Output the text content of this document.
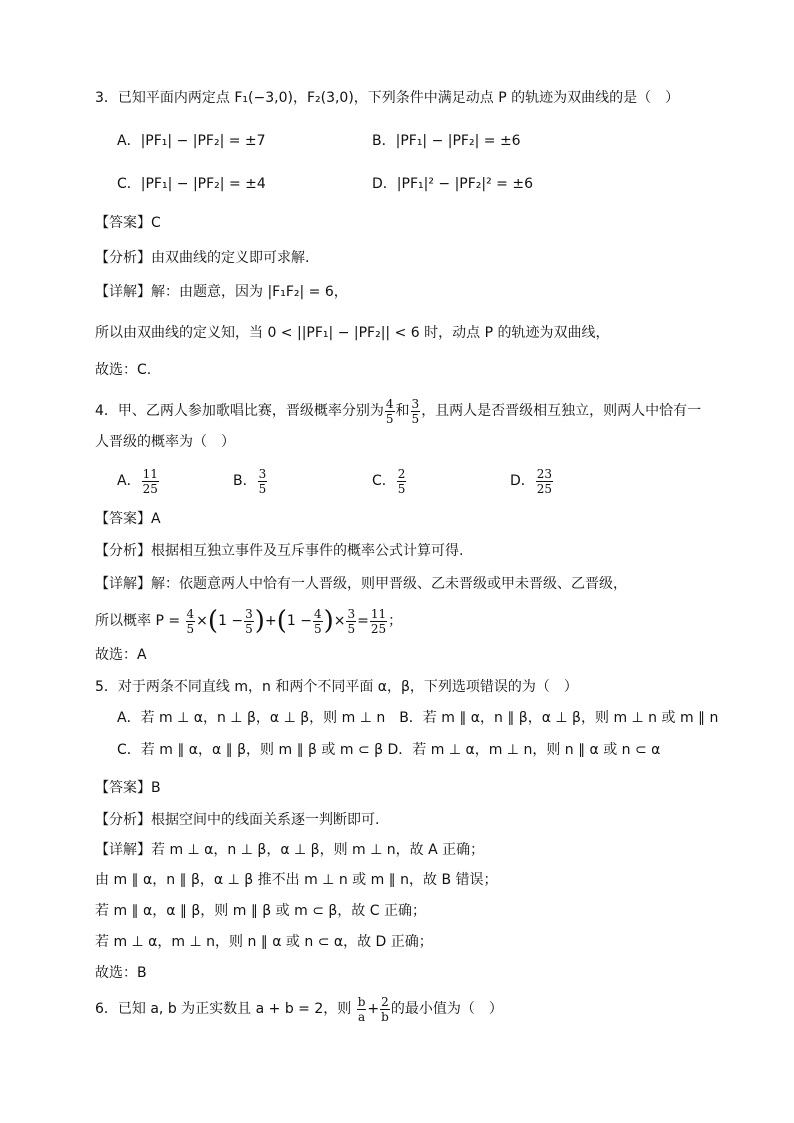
3．已知平面内两定点 F₁(−3,0)，F₂(3,0)，下列条件中满足动点 P 的轨迹为双曲线的是（　）
A．|PF₁| − |PF₂| = ±7	B．|PF₁| − |PF₂| = ±6
C．|PF₁| − |PF₂| = ±4	D．|PF₁|² − |PF₂|² = ±6
【答案】C
【分析】由双曲线的定义即可求解.
【详解】解：由题意，因为 |F₁F₂| = 6，
所以由双曲线的定义知，当 0 < ||PF₁| − |PF₂|| < 6 时，动点 P 的轨迹为双曲线，
故选：C.
4．甲、乙两人参加歌唱比赛，晋级概率分别为 $\frac{4}{5}$ 和 $\frac{3}{5}$ ，且两人是否晋级相互独立，则两人中恰有一
人晋级的概率为（　）
A． $\frac{11}{25}$	B． $\frac{3}{5}$	C． $\frac{2}{5}$	D． $\frac{23}{25}$
【答案】A
【分析】根据相互独立事件及互斥事件的概率公式计算可得.
【详解】解：依题意两人中恰有一人晋级，则甲晋级、乙未晋级或甲未晋级、乙晋级，
所以概率 $P = \frac{4}{5} \times(1 - \frac{3}{5} )+(1 - \frac{4}{5}$ )× $\frac{3}{5} = \frac{11}{25}$ ；
故选：A
5．对于两条不同直线 m，n 和两个不同平面 α，β，下列选项错误的为（　）
A．若 m ⊥ α，n ⊥ β，α ⊥ β，则 m ⊥ n　B．若 m ∥ α，n ∥ β，α ⊥ β，则 m ⊥ n 或 m ∥ n
C．若 m ∥ α，α ∥ β，则 m ∥ β 或 m ⊂ β D．若 m ⊥ α，m ⊥ n，则 n ∥ α 或 n ⊂ α
【答案】B
【分析】根据空间中的线面关系逐一判断即可.
【详解】若 m ⊥ α，n ⊥ β，α ⊥ β，则 m ⊥ n，故 A 正确；
由 m ∥ α，n ∥ β，α ⊥ β 推不出 m ⊥ n 或 m ∥ n，故 B 错误；
若 m ∥ α，α ∥ β，则 m ∥ β 或 m ⊂ β，故 C 正确；
若 m ⊥ α，m ⊥ n，则 n ∥ α 或 n ⊂ α，故 D 正确；
故选：B
6．已知 a, b 为正实数且 a + b = 2，则 $\frac{b}{a} + \frac{2}{b}$ 的最小值为（　）
